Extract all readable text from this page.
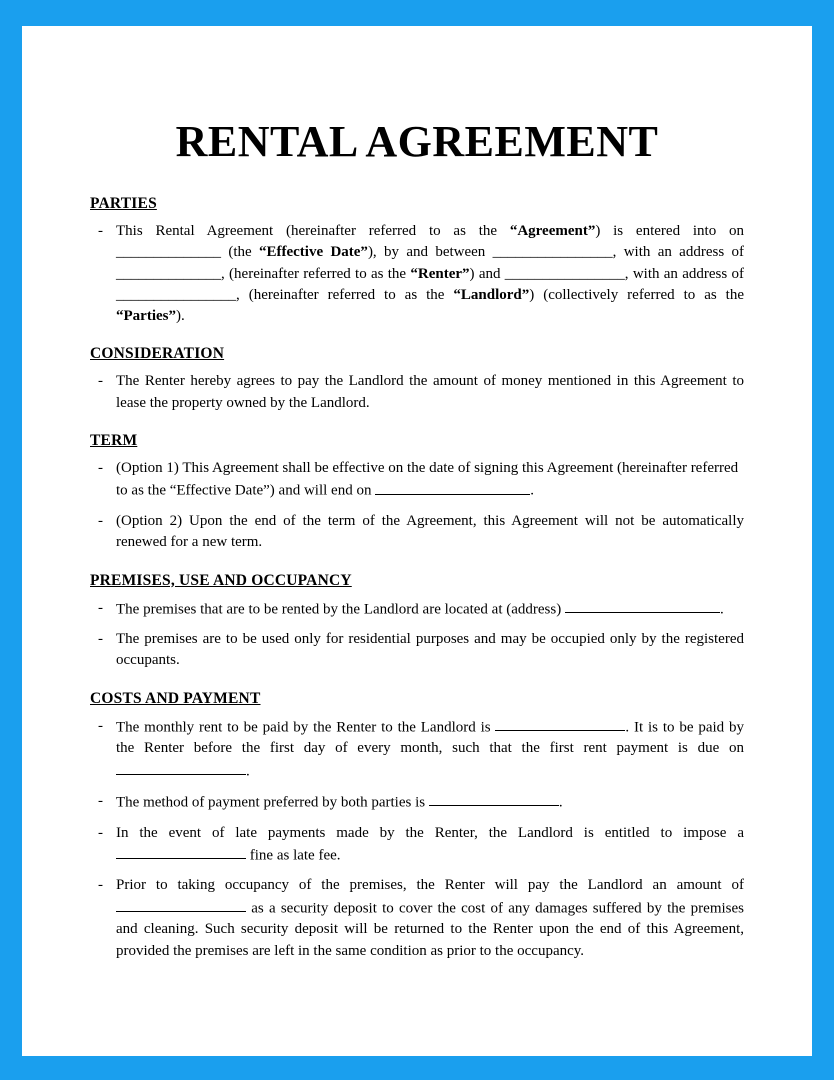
RENTAL AGREEMENT
PARTIES
- This Rental Agreement (hereinafter referred to as the “Agreement”) is entered into on ______________ (the “Effective Date”), by and between ________________, with an address of ______________, (hereinafter referred to as the “Renter”) and ________________, with an address of ________________, (hereinafter referred to as the “Landlord”) (collectively referred to as the “Parties”).
CONSIDERATION
- The Renter hereby agrees to pay the Landlord the amount of money mentioned in this Agreement to lease the property owned by the Landlord.
TERM
- (Option 1) This Agreement shall be effective on the date of signing this Agreement (hereinafter referred to as the “Effective Date”) and will end on	.
- (Option 2) Upon the end of the term of the Agreement, this Agreement will not be automatically renewed for a new term.
PREMISES, USE AND OCCUPANCY
- The premises that are to be rented by the Landlord are located at (address)	.
- The premises are to be used only for residential purposes and may be occupied only by the registered occupants.
COSTS AND PAYMENT
- The monthly rent to be paid by the Renter to the Landlord is	. It is to be paid by the Renter before the first day of every month, such that the first rent payment is due on .
- The method of payment preferred by both parties is	.
- In the event of late payments made by the Renter, the Landlord is entitled to impose a  fine as late fee.
- Prior to taking occupancy of the premises, the Renter will pay the Landlord an amount of  as a security deposit to cover the cost of any damages suffered by the premises and cleaning. Such security deposit will be returned to the Renter upon the end of this Agreement, provided the premises are left in the same condition as prior to the occupancy.
